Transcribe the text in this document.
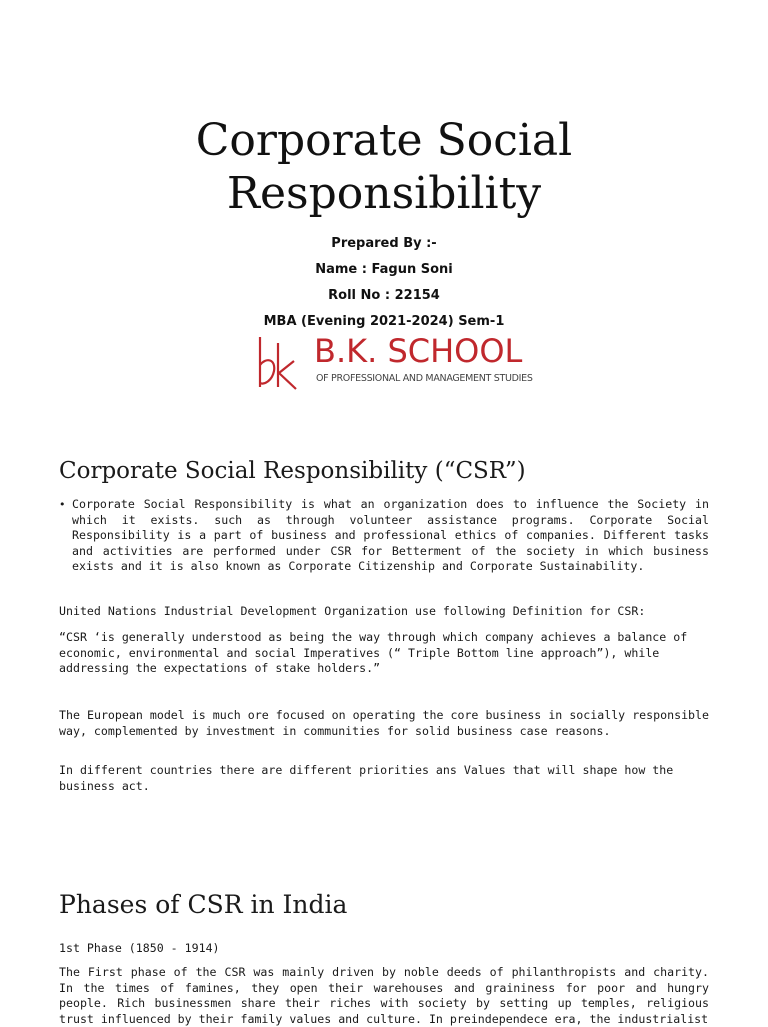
Corporate Social
Responsibility
Prepared By :-
Name : Fagun Soni
Roll No : 22154
MBA (Evening 2021-2024) Sem-1
B.K. SCHOOL
OF PROFESSIONAL AND MANAGEMENT STUDIES
Corporate Social Responsibility (“CSR”)
• Corporate Social Responsibility is what an organization does to influence the Society in which it exists. such as through volunteer assistance programs. Corporate Social Responsibility is a part of business and professional ethics of companies. Different tasks and activities are performed under CSR for Betterment of the society in which business exists and it is also known as Corporate Citizenship and Corporate Sustainability.

United Nations Industrial Development Organization use following Definition for CSR:

“CSR ‘is generally understood as being the way through which company achieves a balance of economic, environmental and social Imperatives (“ Triple Bottom line approach”), while addressing the expectations of stake holders.”

The European model is much ore focused on operating the core business in socially responsible way, complemented by investment in communities for solid business case reasons.

In different countries there are different priorities ans Values that will shape how the business act.

Phases of CSR in India

1st Phase (1850 - 1914)

The First phase of the CSR was mainly driven by noble deeds of philanthropists and charity. In the times of famines, they open their warehouses and graininess for poor and hungry people. Rich businessmen share their riches with society by setting up temples, religious trust influenced by their family values and culture. In preindependece era, the industrialist
